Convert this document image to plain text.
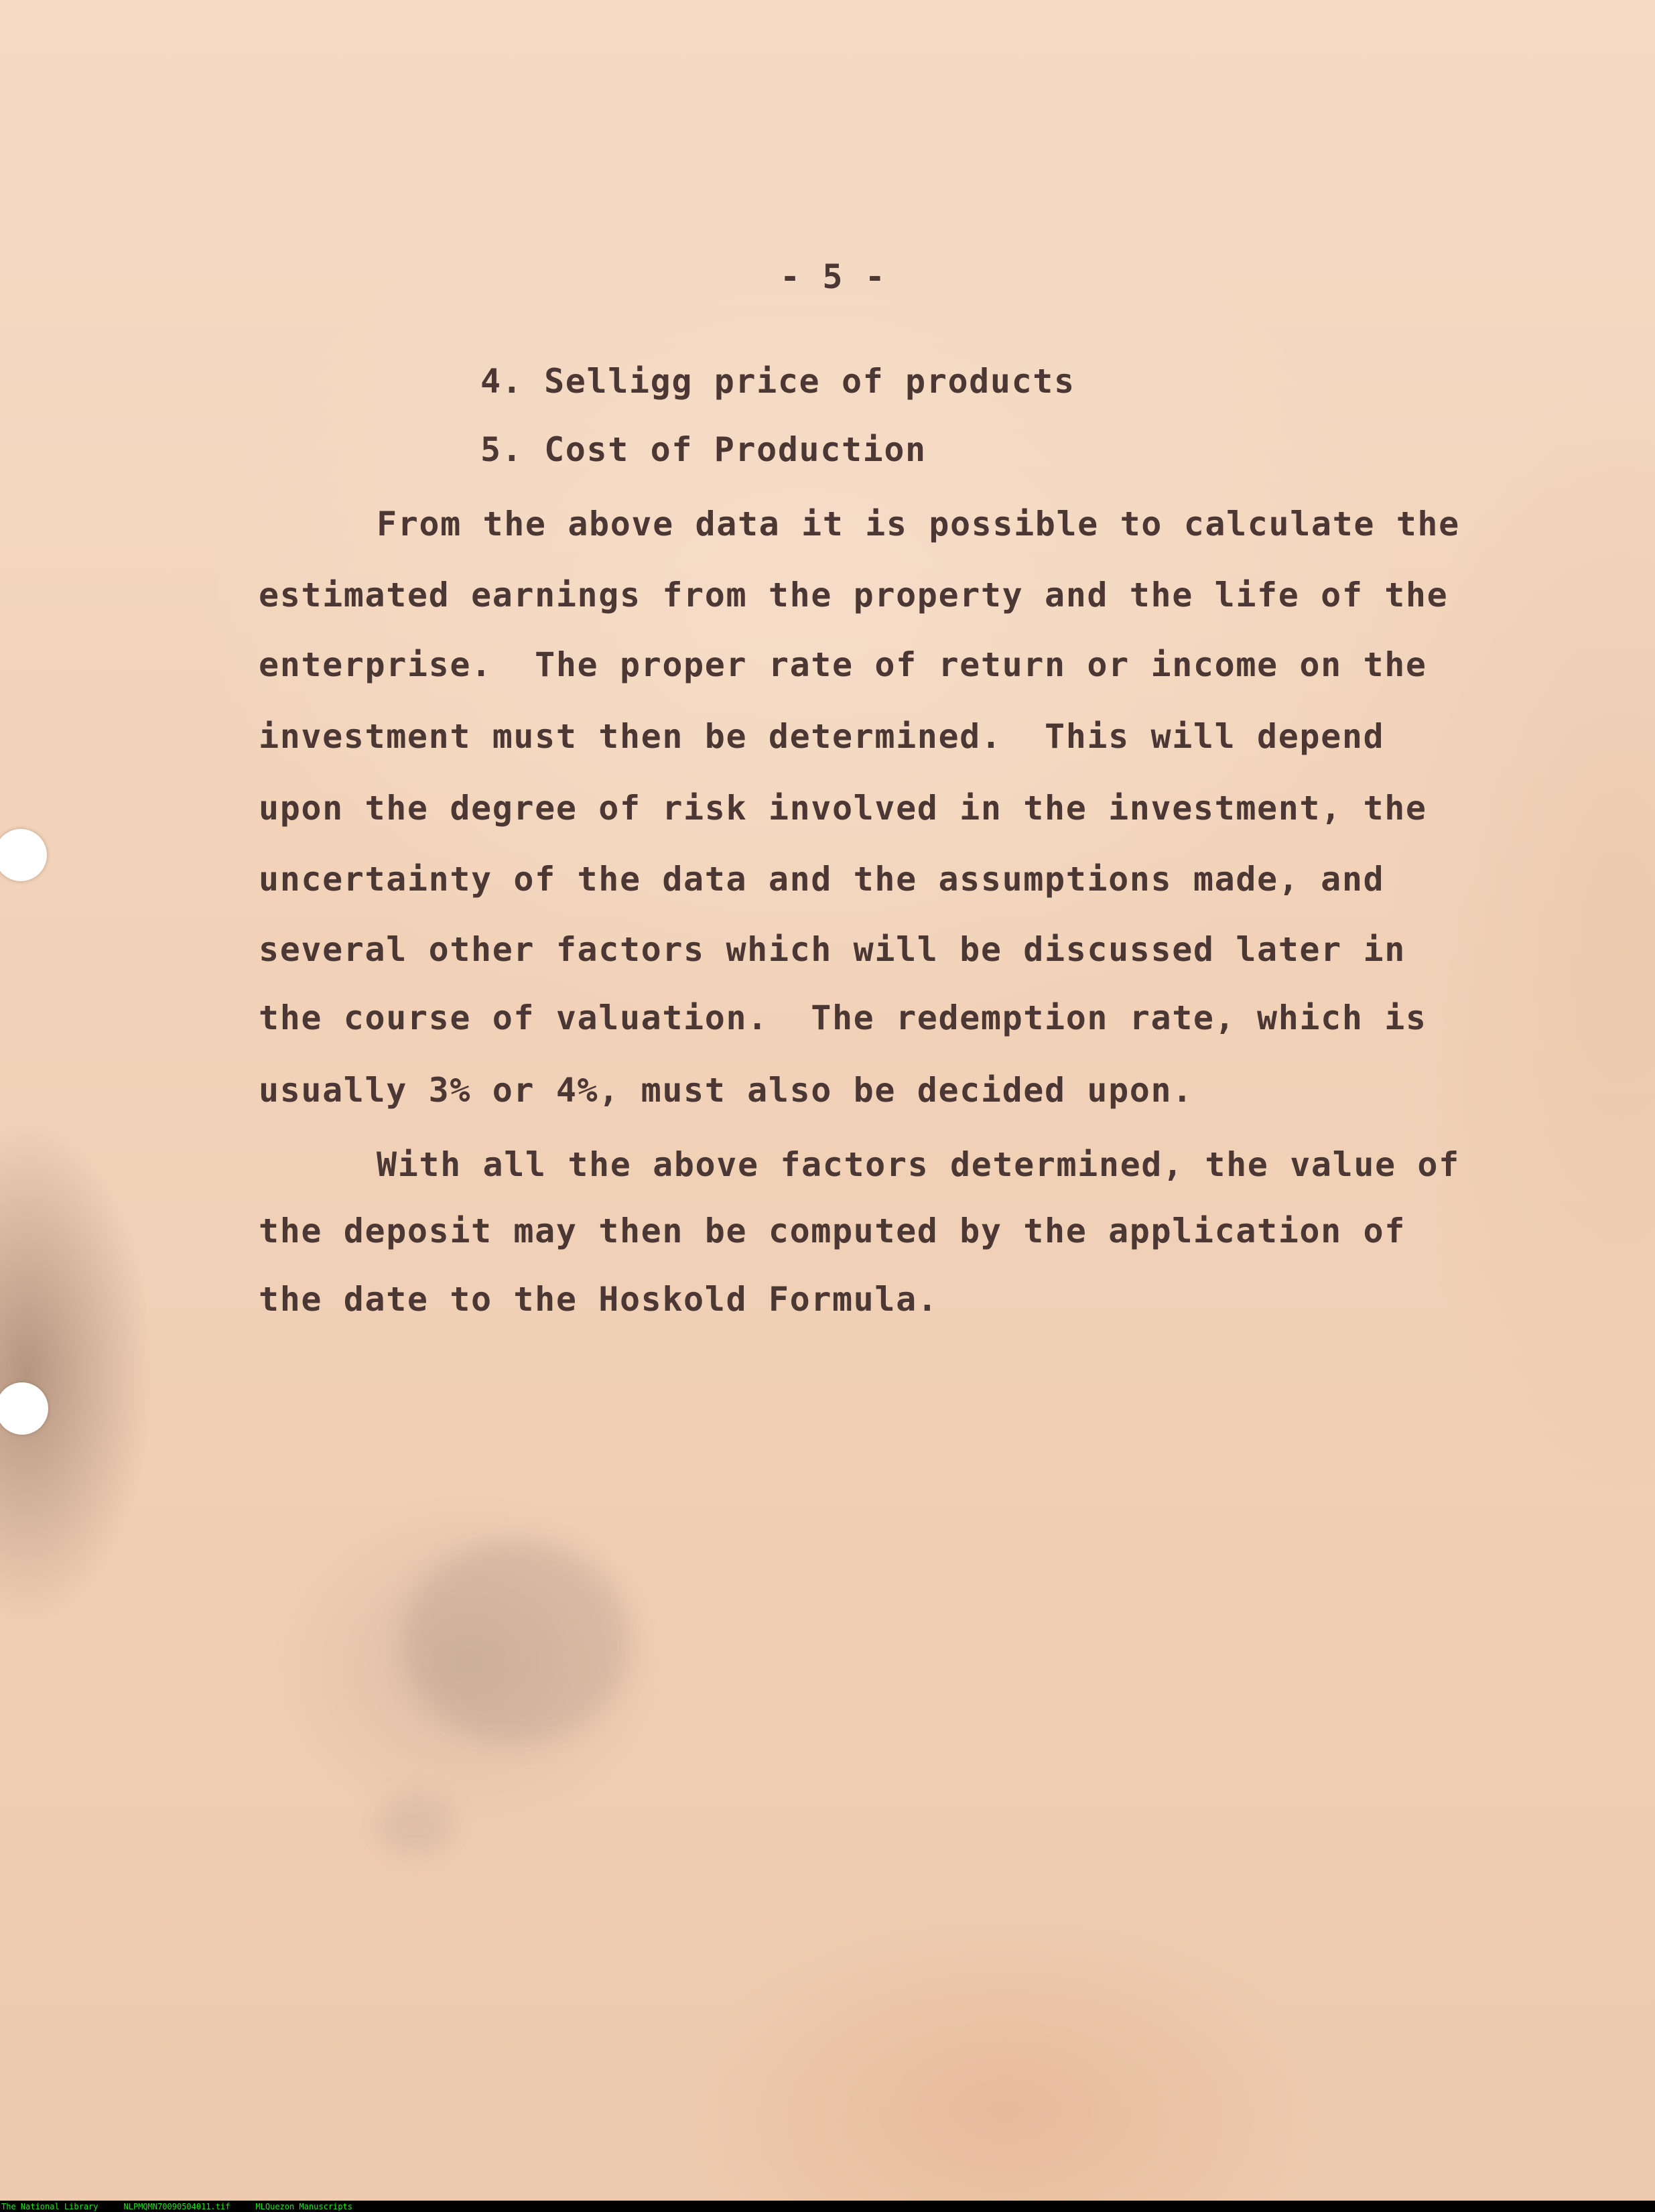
- 5 -

4. Selligg price of products

5. Cost of Production

From the above data it is possible to calculate the

estimated earnings from the property and the life of the

enterprise.  The proper rate of return or income on the

investment must then be determined.  This will depend

upon the degree of risk involved in the investment, the

uncertainty of the data and the assumptions made, and

several other factors which will be discussed later in

the course of valuation.  The redemption rate, which is

usually 3% or 4%, must also be decided upon.

With all the above factors determined, the value of

the deposit may then be computed by the application of

the date to the Hoskold Formula.

The National Library	NLPMQMN70090504011.tif	MLQuezon Manuscripts
